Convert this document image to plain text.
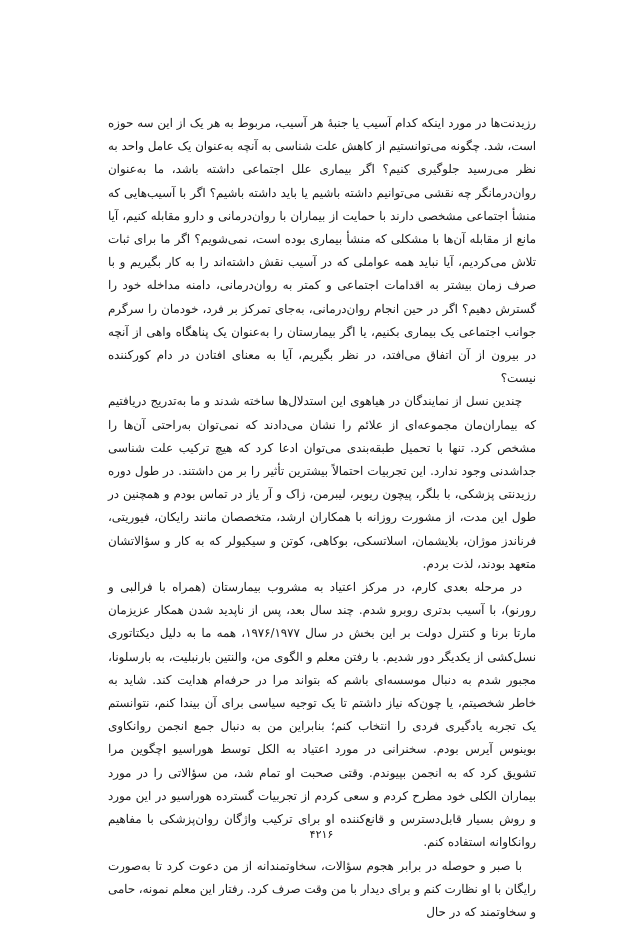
رزیدنت‌ها در مورد اینکه کدام آسیب یا جنبهٔ هر آسیب، مربوط به هر یک از این سه حوزه است، شد. چگونه می‌توانستیم از کاهش علت شناسی به آنچه به‌عنوان یک عامل واحد به نظر می‌رسید جلوگیری کنیم؟ اگر بیماری علل اجتماعی داشته باشد، ما به‌عنوان روان‌درمانگر چه نقشی می‌توانیم داشته باشیم یا باید داشته باشیم؟ اگر با آسیب‌هایی که منشأ اجتماعی مشخصی دارند با حمایت از بیماران با روان‌درمانی و دارو مقابله کنیم، آیا مانع از مقابله آن‌ها با مشکلی که منشأ بیماری بوده است، نمی‌شویم؟ اگر ما برای ثبات تلاش می‌کردیم، آیا نباید همه عواملی که در آسیب نقش داشته‌اند را به کار بگیریم و با صرف زمان بیشتر به اقدامات اجتماعی و کمتر به روان‌درمانی، دامنه مداخله خود را گسترش دهیم؟ اگر در حین انجام روان‌درمانی، به‌جای تمرکز بر فرد، خودمان را سرگرم جوانب اجتماعی یک بیماری بکنیم، یا اگر بیمارستان را به‌عنوان یک پناهگاه واهی از آنچه در بیرون از آن اتفاق می‌افتد، در نظر بگیریم، آیا به معنای افتادن در دام کورکننده نیست؟

چندین نسل از نمایندگان در هیاهوی این استدلال‌ها ساخته شدند و ما به‌تدریج دریافتیم که بیماران‌مان مجموعه‌ای از علائم را نشان می‌دادند که نمی‌توان به‌راحتی آن‌ها را مشخص کرد. تنها با تحمیل طبقه‌بندی می‌توان ادعا کرد که هیچ ترکیب علت شناسی جداشدنی وجود ندارد. این تجربیات احتمالاً بیشترین تأثیر را بر من داشتند. در طول دوره رزیدنتی پزشکی، با بلگر، پیچون ریویر، لیبرمن، زاک و آر یاز در تماس بودم و همچنین در طول این مدت، از مشورت روزانه با همکاران ارشد، متخصصان مانند رایکان، فیوریتی، فرناندز موژان، بلایشمان، اسلاتسکی، بوکاهی، کوتن و سیکیولر که به کار و سؤالاتشان متعهد بودند، لذت بردم.

در مرحله بعدی کارم، در مرکز اعتیاد به مشروب بیمارستان (همراه با فرالبی و رورنو)، با آسیب بدتری روبرو شدم. چند سال بعد، پس از ناپدید شدن همکار عزیزمان مارتا برنا و کنترل دولت بر این بخش در سال ۱۹۷۶/۱۹۷۷، همه ما به دلیل دیکتاتوری نسل‌کشی از یکدیگر دور شدیم. با رفتن معلم و الگوی من، والنتین بارنبلیت، به بارسلونا، مجبور شدم به دنبال موسسه‌ای باشم که بتواند مرا در حرفه‌ام هدایت کند. شاید به خاطر شخصیتم، یا چون‌که نیاز داشتم تا یک توجیه سیاسی برای آن بیندا کنم، نتوانستم یک تجربه یادگیری فردی را انتخاب کنم؛ بنابراین من به دنبال جمع انجمن روانکاوی بوینوس آیرس بودم. سخنرانی در مورد اعتیاد به الکل توسط هوراسیو اچگوین مرا تشویق کرد که به انجمن بپیوندم. وقتی صحبت او تمام شد، من سؤالاتی را در مورد بیماران الکلی خود مطرح کردم و سعی کردم از تجربیات گسترده هوراسیو در این مورد و روش بسیار قابل‌دسترس و قانع‌کننده او برای ترکیب واژگان روان‌پزشکی با مفاهیم روانکاوانه استفاده کنم.

با صبر و حوصله در برابر هجوم سؤالات، سخاوتمندانه از من دعوت کرد تا به‌صورت رایگان با او نظارت کنم و برای دیدار با من وقت صرف کرد. رفتار این معلم نمونه، حامی و سخاوتمند که در حال

۴۲۱۶
